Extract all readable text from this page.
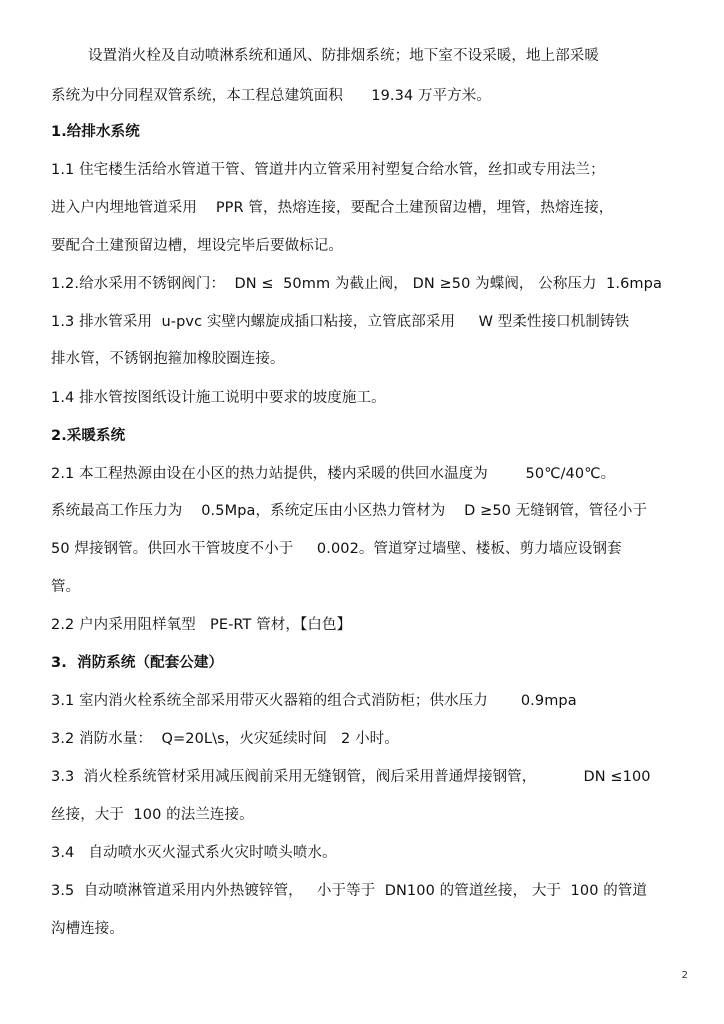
设置消火栓及自动喷淋系统和通风、防排烟系统；地下室不设采暖，地上部采暖
系统为中分同程双管系统，本工程总建筑面积      19.34 万平方米。
1.给排水系统
1.1 住宅楼生活给水管道干管、管道井内立管采用衬塑复合给水管，丝扣或专用法兰；
进入户内埋地管道采用    PPR 管，热熔连接，要配合土建预留边槽，埋管，热熔连接，
要配合土建预留边槽，埋设完毕后要做标记。
1.2.给水采用不锈钢阀门：  DN ≤  50mm 为截止阀， DN ≥50 为蝶阀， 公称压力  1.6mpa
1.3 排水管采用  u-pvc 实壁内螺旋成插口粘接，立管底部采用     W 型柔性接口机制铸铁
排水管，不锈钢抱箍加橡胶圈连接。
1.4 排水管按图纸设计施工说明中要求的坡度施工。
2.采暖系统
2.1 本工程热源由设在小区的热力站提供，楼内采暖的供回水温度为        50℃/40℃。
系统最高工作压力为    0.5Mpa，系统定压由小区热力管材为    D ≥50 无缝钢管，管径小于
50 焊接钢管。供回水干管坡度不小于     0.002。管道穿过墙壁、楼板、剪力墙应设钢套
管。
2.2 户内采用阻样氧型   PE-RT 管材，【白色】
3.  消防系统（配套公建）
3.1 室内消火栓系统全部采用带灭火器箱的组合式消防柜；供水压力       0.9mpa
3.2 消防水量：  Q=20L\s，火灾延续时间   2 小时。
3.3  消火栓系统管材采用减压阀前采用无缝钢管，阀后采用普通焊接钢管，          DN ≤100
丝接，大于  100 的法兰连接。
3.4   自动喷水灭火湿式系火灾时喷头喷水。
3.5  自动喷淋管道采用内外热镀锌管，   小于等于  DN100 的管道丝接， 大于  100 的管道
沟槽连接。
2
